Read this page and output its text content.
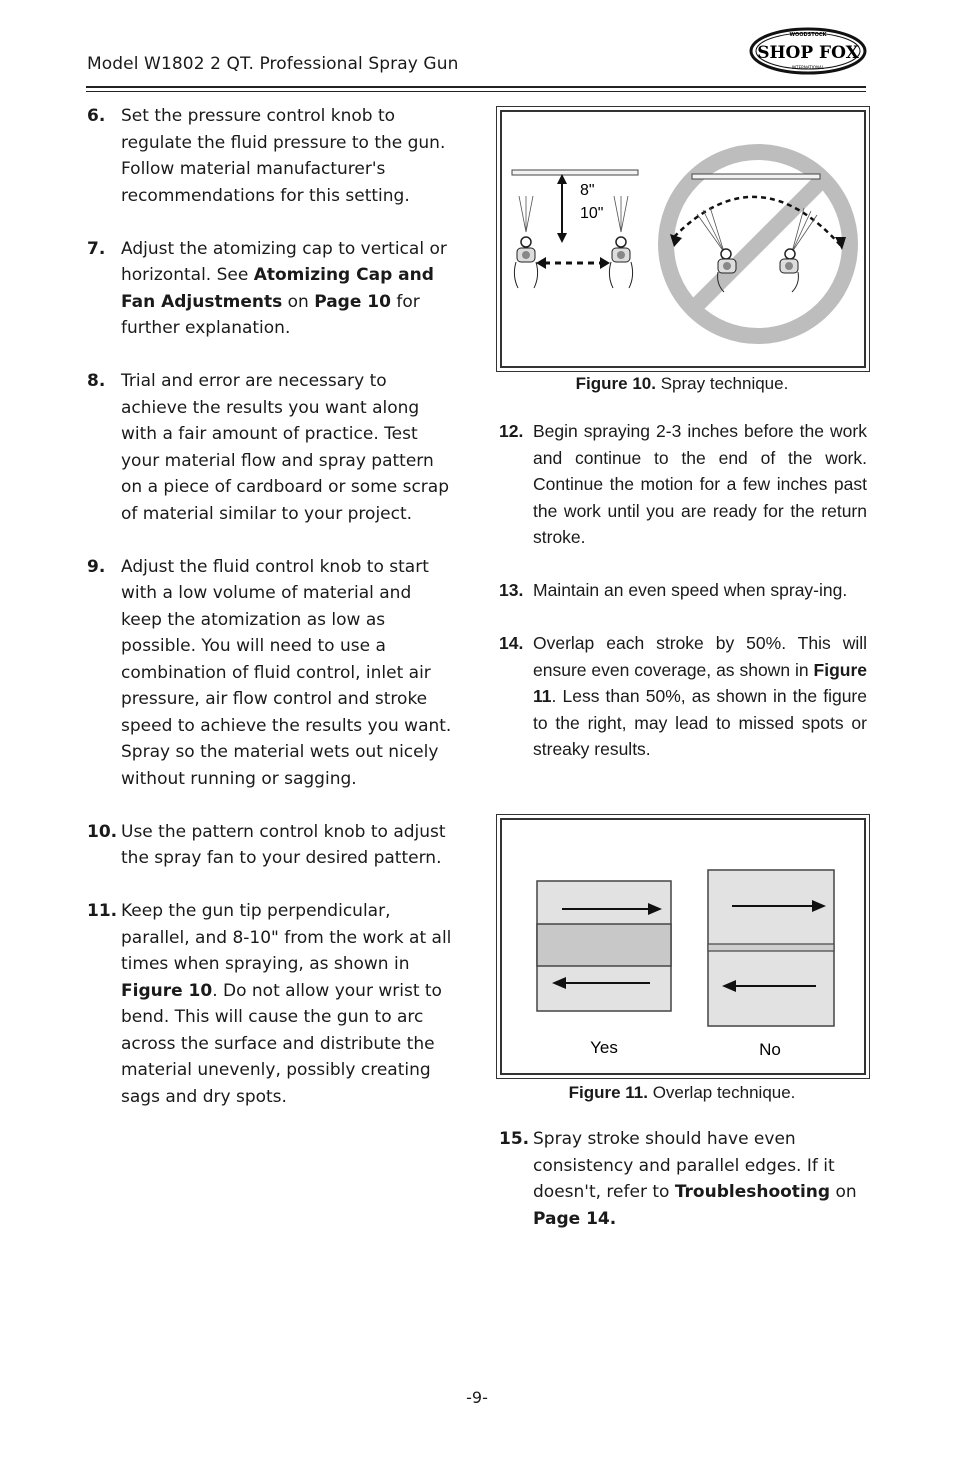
Model W1802 2 QT. Professional Spray Gun
WOODSTOCK
SHOP FOX
INTERNATIONAL
6. Set the pressure control knob to regulate the fluid pressure to the gun. Follow material manufacturer's recommendations for this setting.
7. Adjust the atomizing cap to vertical or horizontal. See Atomizing Cap and Fan Adjustments on Page 10 for further explanation.
8. Trial and error are necessary to achieve the results you want along with a fair amount of practice. Test your material flow and spray pattern on a piece of cardboard or some scrap of material similar to your project.
9. Adjust the fluid control knob to start with a low volume of material and keep the atomization as low as possible. You will need to use a combination of fluid control, inlet air pressure, air flow control and stroke speed to achieve the results you want. Spray so the material wets out nicely without running or sagging.
10. Use the pattern control knob to adjust the spray fan to your desired pattern.
11. Keep the gun tip perpendicular, parallel, and 8-10" from the work at all times when spraying, as shown in Figure 10. Do not allow your wrist to bend. This will cause the gun to arc across the surface and distribute the material unevenly, possibly creating sags and dry spots.
8"
10"
Figure 10. Spray technique.
12. Begin spraying 2-3 inches before the work and continue to the end of the work. Continue the motion for a few inches past the work until you are ready for the return stroke.
13. Maintain an even speed when spray-ing.
14. Overlap each stroke by 50%. This will ensure even coverage, as shown in Figure 11. Less than 50%, as shown in the figure to the right, may lead to missed spots or streaky results.
Yes	No
Figure 11. Overlap technique.
15. Spray stroke should have even consistency and parallel edges. If it doesn't, refer to Troubleshooting on Page 14.
-9-
